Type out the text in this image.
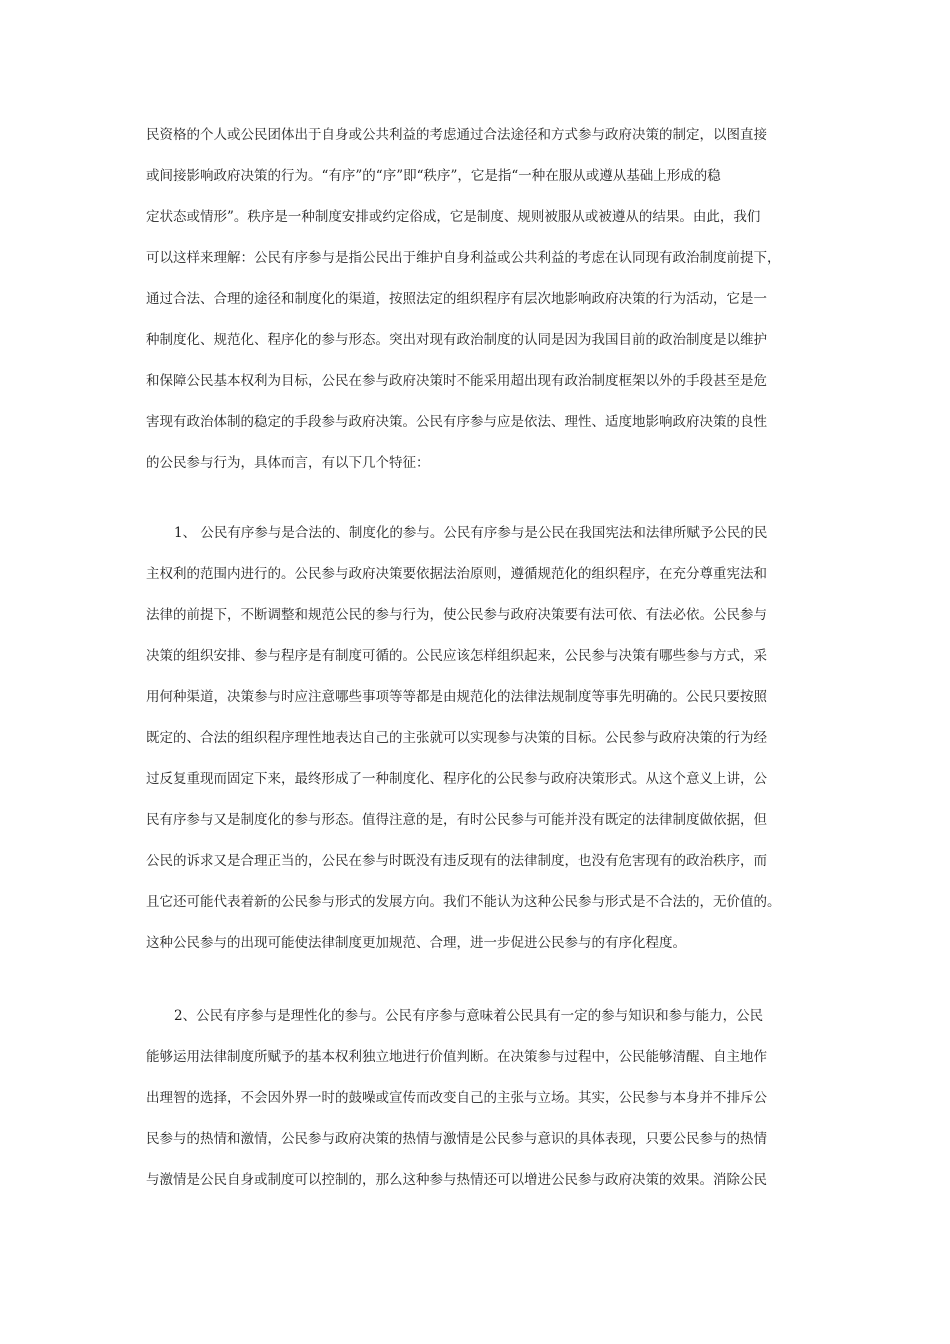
民资格的个人或公民团体出于自身或公共利益的考虑通过合法途径和方式参与政府决策的制定，以图直接
或间接影响政府决策的行为。“有序”的“序”即“秩序”，它是指“一种在服从或遵从基础上形成的稳
定状态或情形”。秩序是一种制度安排或约定俗成，它是制度、规则被服从或被遵从的结果。由此，我们
可以这样来理解：公民有序参与是指公民出于维护自身利益或公共利益的考虑在认同现有政治制度前提下，
通过合法、合理的途径和制度化的渠道，按照法定的组织程序有层次地影响政府决策的行为活动，它是一
种制度化、规范化、程序化的参与形态。突出对现有政治制度的认同是因为我国目前的政治制度是以维护
和保障公民基本权利为目标，公民在参与政府决策时不能采用超出现有政治制度框架以外的手段甚至是危
害现有政治体制的稳定的手段参与政府决策。公民有序参与应是依法、理性、适度地影响政府决策的良性
的公民参与行为，具体而言，有以下几个特征：
1、 公民有序参与是合法的、制度化的参与。公民有序参与是公民在我国宪法和法律所赋予公民的民
主权利的范围内进行的。公民参与政府决策要依据法治原则，遵循规范化的组织程序，在充分尊重宪法和
法律的前提下，不断调整和规范公民的参与行为，使公民参与政府决策要有法可依、有法必依。公民参与
决策的组织安排、参与程序是有制度可循的。公民应该怎样组织起来，公民参与决策有哪些参与方式，采
用何种渠道，决策参与时应注意哪些事项等等都是由规范化的法律法规制度等事先明确的。公民只要按照
既定的、合法的组织程序理性地表达自己的主张就可以实现参与决策的目标。公民参与政府决策的行为经
过反复重现而固定下来，最终形成了一种制度化、程序化的公民参与政府决策形式。从这个意义上讲，公
民有序参与又是制度化的参与形态。值得注意的是，有时公民参与可能并没有既定的法律制度做依据，但
公民的诉求又是合理正当的，公民在参与时既没有违反现有的法律制度，也没有危害现有的政治秩序，而
且它还可能代表着新的公民参与形式的发展方向。我们不能认为这种公民参与形式是不合法的，无价值的。
这种公民参与的出现可能使法律制度更加规范、合理，进一步促进公民参与的有序化程度。
2、公民有序参与是理性化的参与。公民有序参与意味着公民具有一定的参与知识和参与能力，公民
能够运用法律制度所赋予的基本权利独立地进行价值判断。在决策参与过程中，公民能够清醒、自主地作
出理智的选择，不会因外界一时的鼓噪或宣传而改变自己的主张与立场。其实，公民参与本身并不排斥公
民参与的热情和激情，公民参与政府决策的热情与激情是公民参与意识的具体表现，只要公民参与的热情
与激情是公民自身或制度可以控制的，那么这种参与热情还可以增进公民参与政府决策的效果。消除公民
